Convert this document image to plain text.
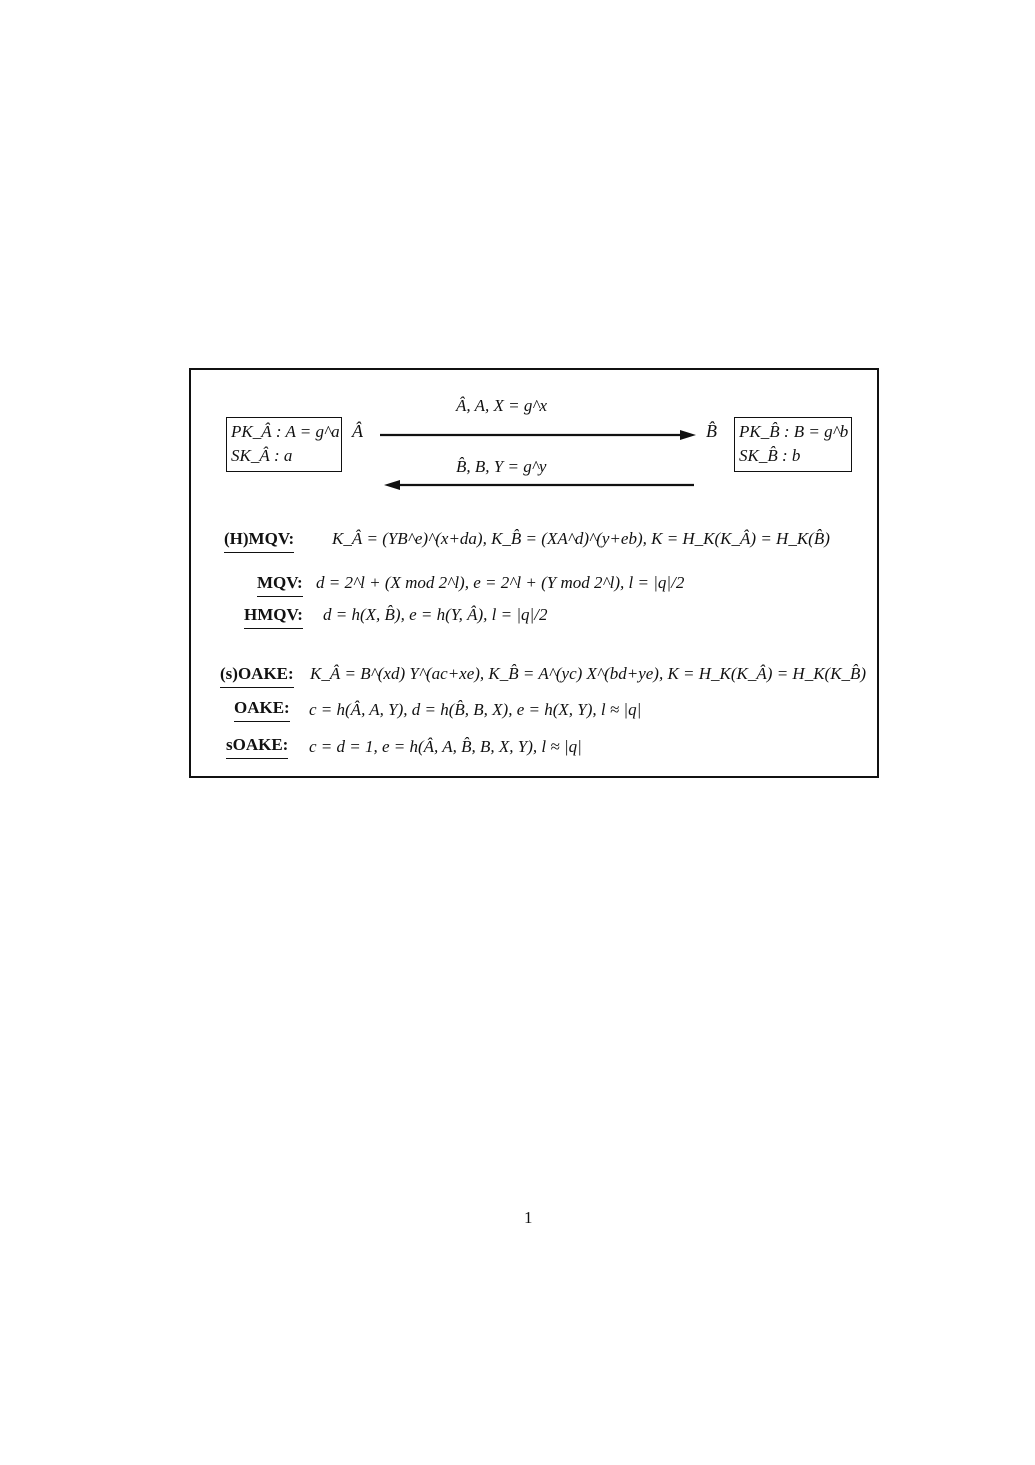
PK_Â : A = g^a
SK_Â : a
Â	B̂ PK_B̂ : B = g^b
SK_B̂ : b
Â, A, X = g^x
B̂, B, Y = g^y
(H)MQV: K_Â = (YB^e)^(x+da), K_B̂ = (XA^d)^(y+eb), K = H_K(K_Â) = H_K(B̂)
MQV: d = 2^l + (X mod 2^l), e = 2^l + (Y mod 2^l), l = |q|/2
HMQV: d = h(X, B̂), e = h(Y, Â), l = |q|/2
(s)OAKE: K_Â = B^(xd) Y^(ac+xe), K_B̂ = A^(yc) X^(bd+ye), K = H_K(K_Â) = H_K(K_B̂)
OAKE: c = h(Â, A, Y), d = h(B̂, B, X), e = h(X, Y), l ≈ |q|
sOAKE: c = d = 1, e = h(Â, A, B̂, B, X, Y), l ≈ |q|
1
